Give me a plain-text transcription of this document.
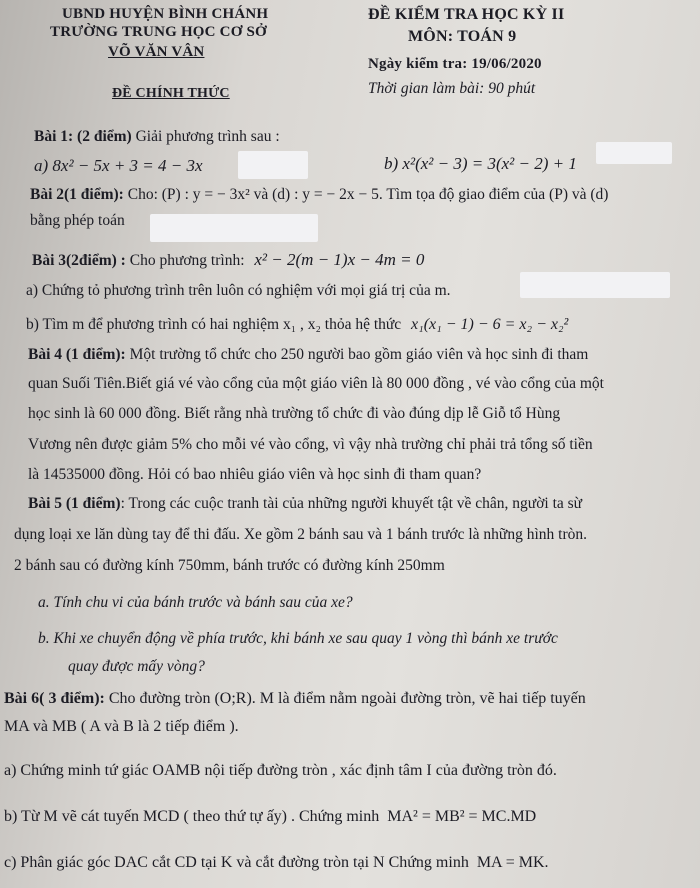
UBND HUYỆN BÌNH CHÁNH
TRƯỜNG TRUNG HỌC CƠ SỞ
VÕ VĂN VÂN
ĐỀ CHÍNH THỨC
ĐỀ KIỂM TRA HỌC KỲ II
MÔN: TOÁN 9
Ngày kiểm tra: 19/06/2020
Thời gian làm bài: 90 phút
Bài 1: (2 điểm) Giải phương trình sau :
a) 8x² − 5x + 3 = 4 − 3x	b) x²(x² − 3) = 3(x² − 2) + 1
Bài 2(1 điểm): Cho: (P) : y = − 3x² và (d) : y = − 2x − 5. Tìm tọa độ giao điểm của (P) và (d)
bằng phép toán
Bài 3(2điểm) : Cho phương trình: x² − 2(m − 1)x − 4m = 0
a) Chứng tỏ phương trình trên luôn có nghiệm với mọi giá trị của m.
b) Tìm m để phương trình có hai nghiệm x₁ , x₂ thỏa hệ thức x₁(x₁ − 1) − 6 = x₂ − x₂²
Bài 4 (1 điểm): Một trường tổ chức cho 250 người bao gồm giáo viên và học sinh đi tham
quan Suối Tiên.Biết giá vé vào cổng của một giáo viên là 80 000 đồng , vé vào cổng của một
học sinh là 60 000 đồng. Biết rằng nhà trường tổ chức đi vào đúng dịp lễ Giỗ tổ Hùng
Vương nên được giảm 5% cho mỗi vé vào cổng, vì vậy nhà trường chỉ phải trả tổng số tiền
là 14535000 đồng. Hỏi có bao nhiêu giáo viên và học sinh đi tham quan?
Bài 5 (1 điểm): Trong các cuộc tranh tài của những người khuyết tật về chân, người ta sừ
dụng loại xe lăn dùng tay để thi đấu. Xe gồm 2 bánh sau và 1 bánh trước là những hình tròn.
2 bánh sau có đường kính 750mm, bánh trước có đường kính 250mm
a. Tính chu vi của bánh trước và bánh sau của xe?
b. Khi xe chuyển động về phía trước, khi bánh xe sau quay 1 vòng thì bánh xe trước
quay được mấy vòng?
Bài 6( 3 điểm): Cho đường tròn (O;R). M là điểm nằm ngoài đường tròn, vẽ hai tiếp tuyến
MA và MB ( A và B là 2 tiếp điểm ).
a) Chứng minh tứ giác OAMB nội tiếp đường tròn , xác định tâm I của đường tròn đó.
b) Từ M vẽ cát tuyến MCD ( theo thứ tự ấy) . Chứng minh MA² = MB² = MC.MD
c) Phân giác góc DAC cắt CD tại K và cắt đường tròn tại N Chứng minh MA = MK.
